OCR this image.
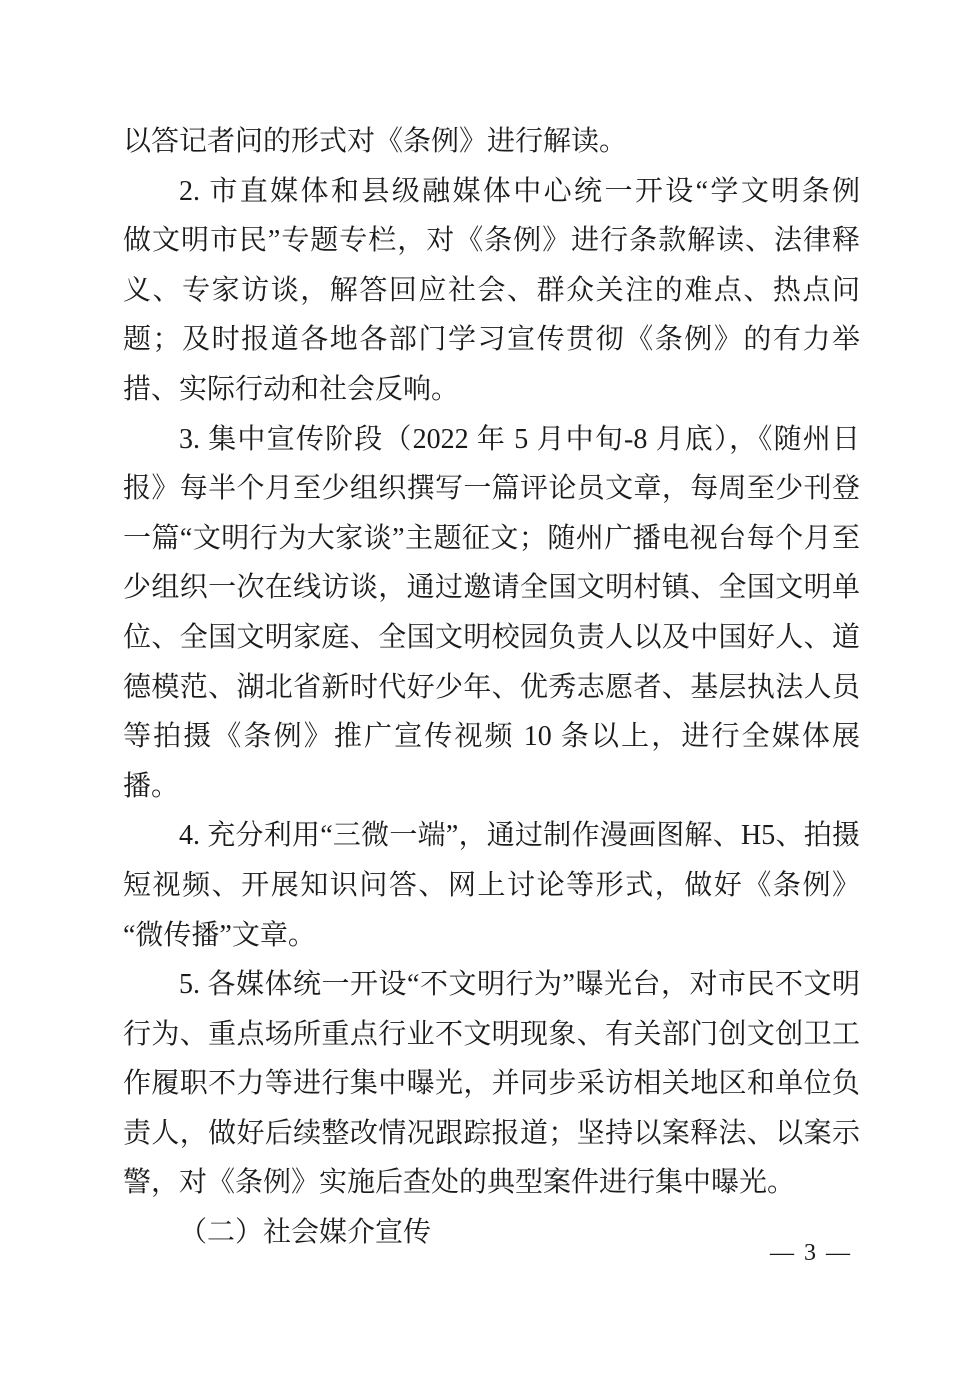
以答记者问的形式对《条例》进行解读。

2. 市直媒体和县级融媒体中心统一开设“学文明条例　做文明市民”专题专栏，对《条例》进行条款解读、法律释义、专家访谈，解答回应社会、群众关注的难点、热点问题；及时报道各地各部门学习宣传贯彻《条例》的有力举措、实际行动和社会反响。

3. 集中宣传阶段（2022 年 5 月中旬-8 月底），《随州日报》每半个月至少组织撰写一篇评论员文章，每周至少刊登一篇“文明行为大家谈”主题征文；随州广播电视台每个月至少组织一次在线访谈，通过邀请全国文明村镇、全国文明单位、全国文明家庭、全国文明校园负责人以及中国好人、道德模范、湖北省新时代好少年、优秀志愿者、基层执法人员等拍摄《条例》推广宣传视频 10 条以上，进行全媒体展播。

4. 充分利用“三微一端”，通过制作漫画图解、H5、拍摄短视频、开展知识问答、网上讨论等形式，做好《条例》“微传播”文章。

5. 各媒体统一开设“不文明行为”曝光台，对市民不文明行为、重点场所重点行业不文明现象、有关部门创文创卫工作履职不力等进行集中曝光，并同步采访相关地区和单位负责人，做好后续整改情况跟踪报道；坚持以案释法、以案示警，对《条例》实施后查处的典型案件进行集中曝光。

（二）社会媒介宣传

— 3 —
